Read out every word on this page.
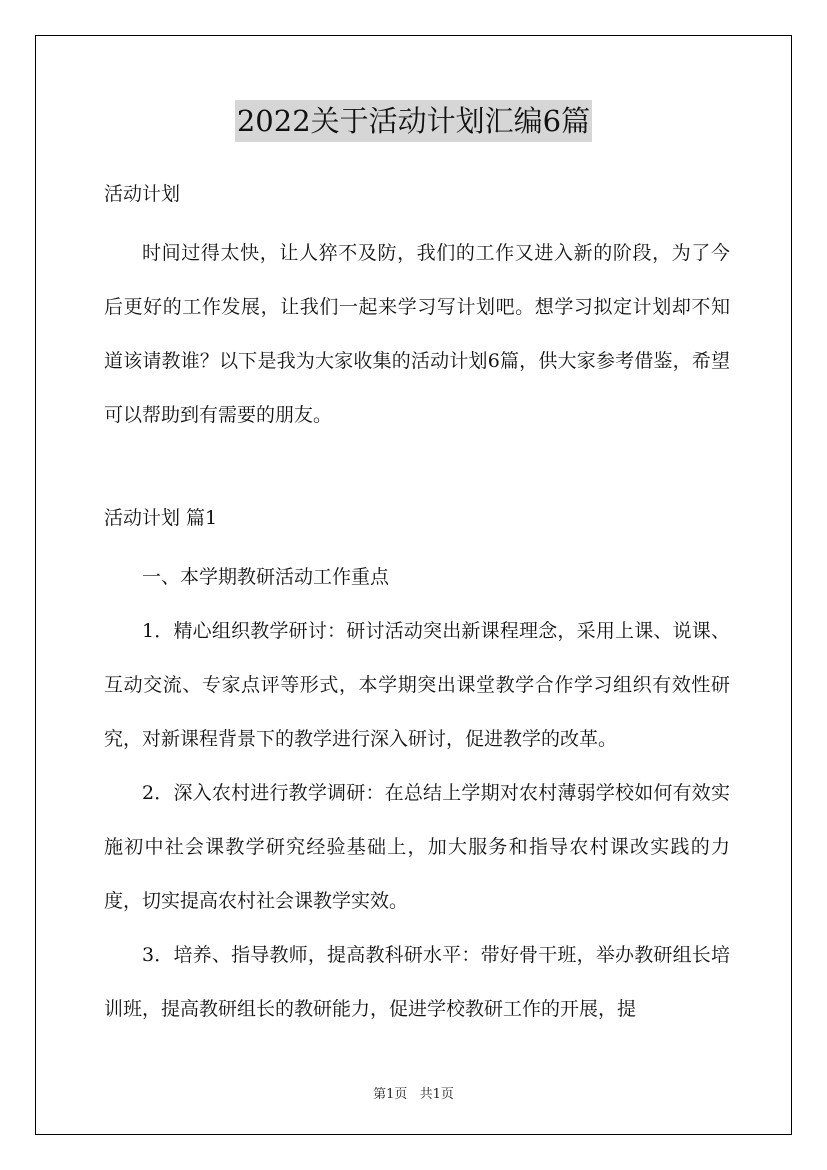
2022关于活动计划汇编6篇
活动计划

时间过得太快，让人猝不及防，我们的工作又进入新的阶段，为了今后更好的工作发展，让我们一起来学习写计划吧。想学习拟定计划却不知道该请教谁？以下是我为大家收集的活动计划6篇，供大家参考借鉴，希望可以帮助到有需要的朋友。

活动计划 篇1

一、本学期教研活动工作重点

1．精心组织教学研讨：研讨活动突出新课程理念，采用上课、说课、互动交流、专家点评等形式，本学期突出课堂教学合作学习组织有效性研究，对新课程背景下的教学进行深入研讨，促进教学的改革。

2．深入农村进行教学调研：在总结上学期对农村薄弱学校如何有效实施初中社会课教学研究经验基础上，加大服务和指导农村课改实践的力度，切实提高农村社会课教学实效。

3．培养、指导教师，提高教科研水平：带好骨干班，举办教研组长培训班，提高教研组长的教研能力，促进学校教研工作的开展，提

第1页 共1页
